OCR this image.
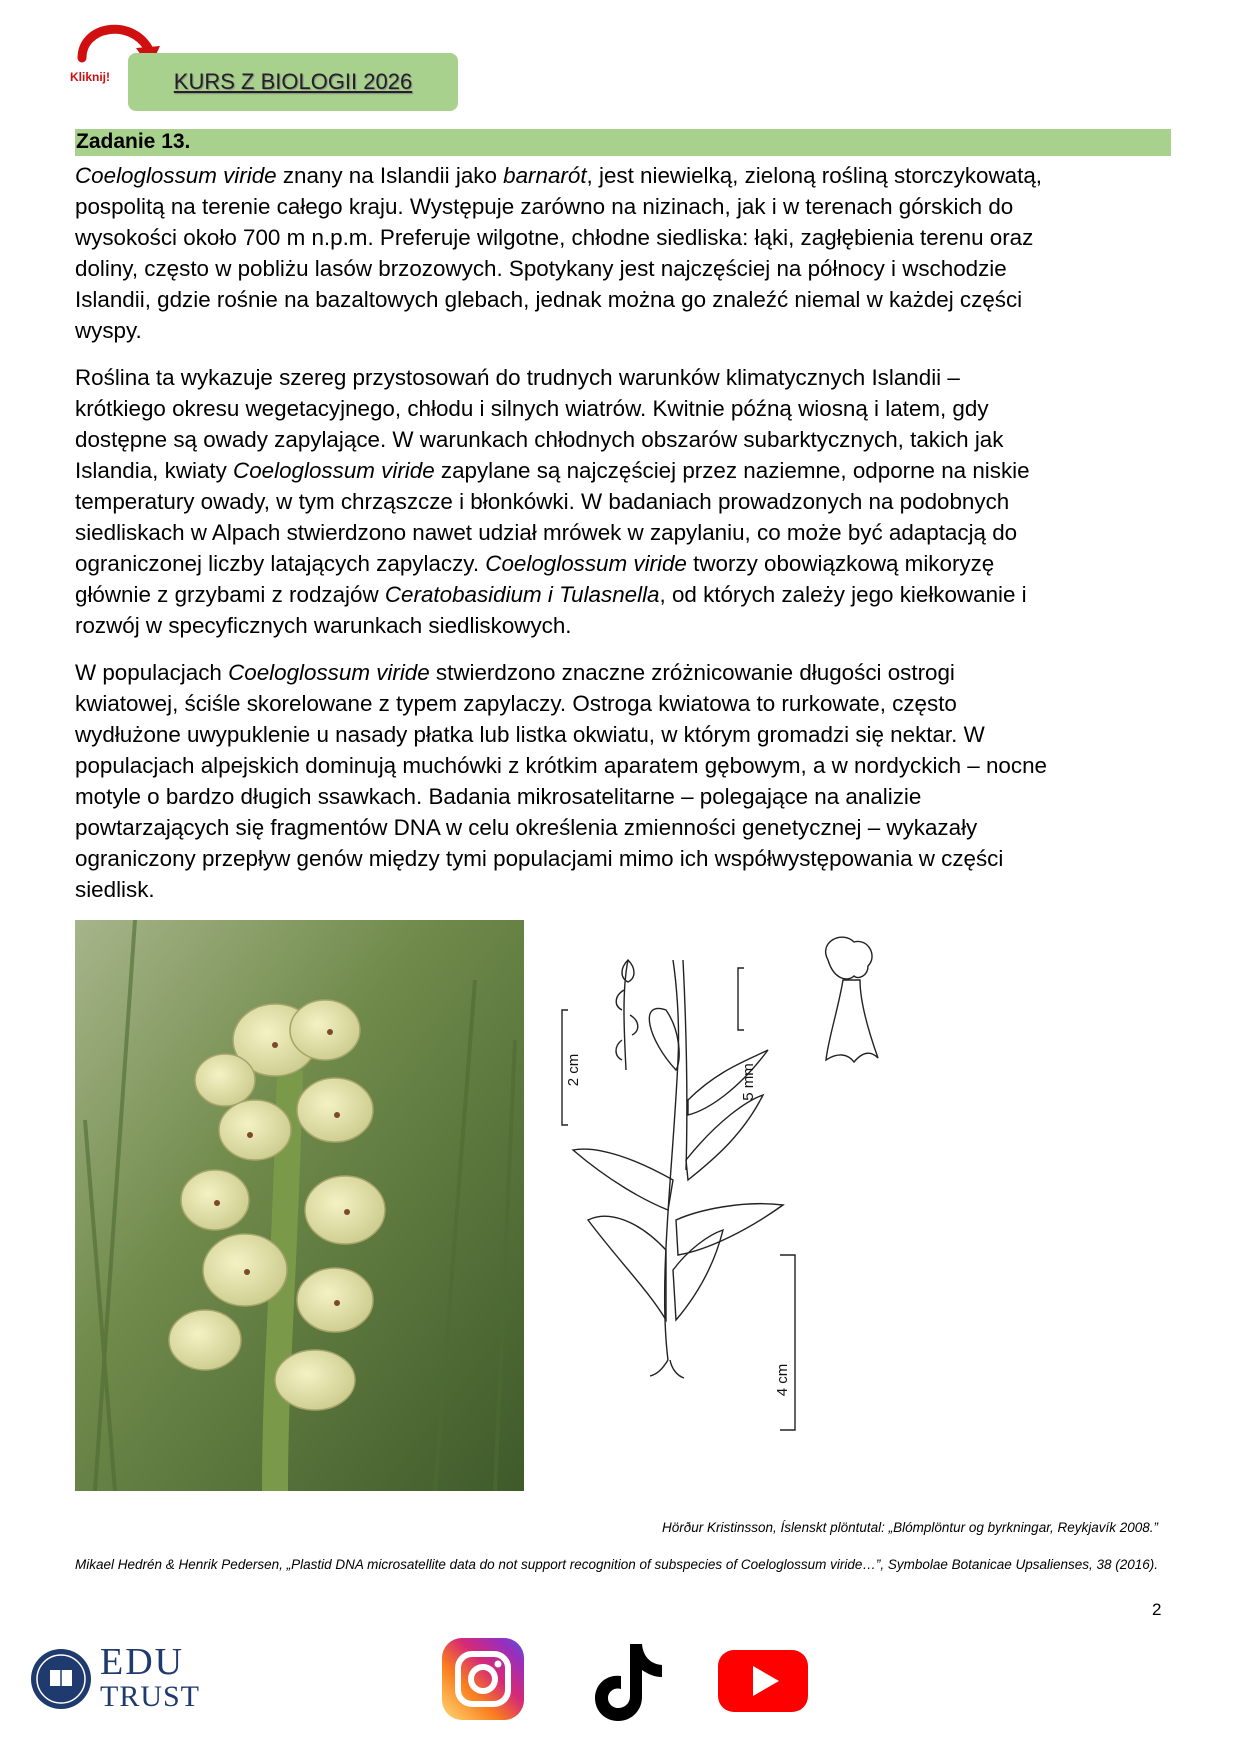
Kliknij!	KURS Z BIOLOGII 2026
Zadanie 13.

Coeloglossum viride znany na Islandii jako barnarót, jest niewielką, zieloną rośliną storczykowatą,
pospolitą na terenie całego kraju. Występuje zarówno na nizinach, jak i w terenach górskich do
wysokości około 700 m n.p.m. Preferuje wilgotne, chłodne siedliska: łąki, zagłębienia terenu oraz
doliny, często w pobliżu lasów brzozowych. Spotykany jest najczęściej na północy i wschodzie
Islandii, gdzie rośnie na bazaltowych glebach, jednak można go znaleźć niemal w każdej części
wyspy.

Roślina ta wykazuje szereg przystosowań do trudnych warunków klimatycznych Islandii –
krótkiego okresu wegetacyjnego, chłodu i silnych wiatrów. Kwitnie późną wiosną i latem, gdy
dostępne są owady zapylające. W warunkach chłodnych obszarów subarktycznych, takich jak
Islandia, kwiaty Coeloglossum viride zapylane są najczęściej przez naziemne, odporne na niskie
temperatury owady, w tym chrząszcze i błonkówki. W badaniach prowadzonych na podobnych
siedliskach w Alpach stwierdzono nawet udział mrówek w zapylaniu, co może być adaptacją do
ograniczonej liczby latających zapylaczy. Coeloglossum viride tworzy obowiązkową mikoryzę
głównie z grzybami z rodzajów Ceratobasidium i Tulasnella, od których zależy jego kiełkowanie i
rozwój w specyficznych warunkach siedliskowych.

W populacjach Coeloglossum viride stwierdzono znaczne zróżnicowanie długości ostrogi
kwiatowej, ściśle skorelowane z typem zapylaczy. Ostroga kwiatowa to rurkowate, często
wydłużone uwypuklenie u nasady płatka lub listka okwiatu, w którym gromadzi się nektar. W
populacjach alpejskich dominują muchówki z krótkim aparatem gębowym, a w nordyckich – nocne
motyle o bardzo długich ssawkach. Badania mikrosatelitarne – polegające na analizie
powtarzających się fragmentów DNA w celu określenia zmienności genetycznej – wykazały
ograniczony przepływ genów między tymi populacjami mimo ich współwystępowania w części
siedlisk.

2 cm	5 mm
4 cm
Hörður Kristinsson, Íslenskt plöntutal: „Blómplöntur og byrkningar, Reykjavík 2008.”
Mikael Hedrén & Henrik Pedersen, „Plastid DNA microsatellite data do not support recognition of subspecies of Coeloglossum viride…”, Symbolae Botanicae Upsalienses, 38 (2016).
2
EDU
TRUST
